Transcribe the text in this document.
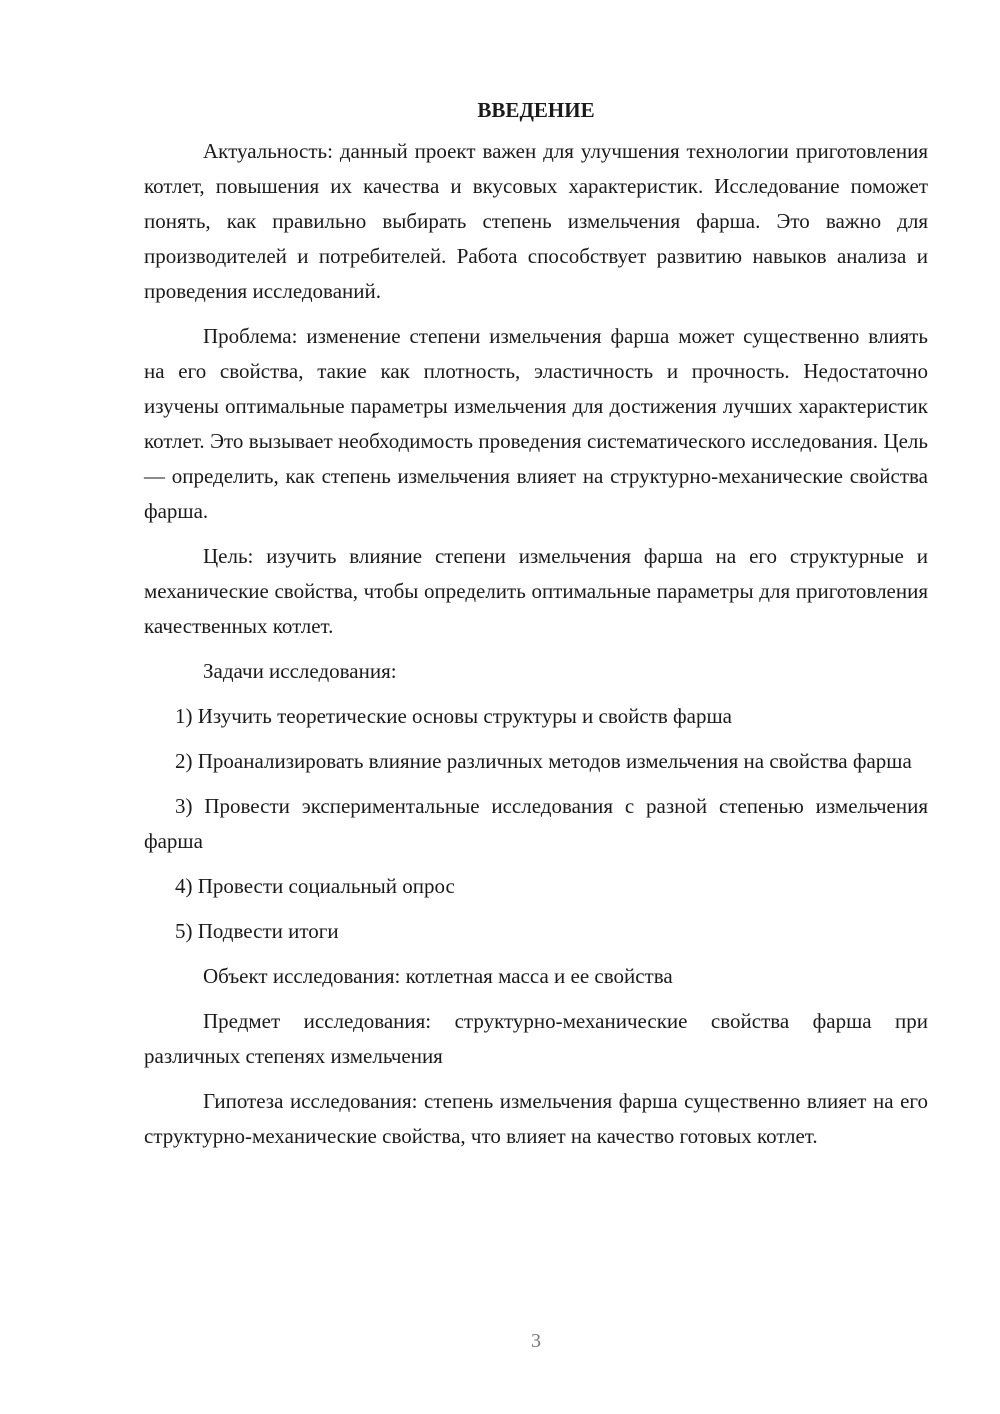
ВВЕДЕНИЕ

Актуальность: данный проект важен для улучшения технологии приготовления котлет, повышения их качества и вкусовых характеристик. Исследование поможет понять, как правильно выбирать степень измельчения фарша. Это важно для производителей и потребителей. Работа способствует развитию навыков анализа и проведения исследований.

Проблема: изменение степени измельчения фарша может существенно влиять на его свойства, такие как плотность, эластичность и прочность. Недостаточно изучены оптимальные параметры измельчения для достижения лучших характеристик котлет. Это вызывает необходимость проведения систематического исследования. Цель — определить, как степень измельчения влияет на структурно-механические свойства фарша.

Цель: изучить влияние степени измельчения фарша на его структурные и механические свойства, чтобы определить оптимальные параметры для приготовления качественных котлет.

Задачи исследования:

1) Изучить теоретические основы структуры и свойств фарша

2) Проанализировать влияние различных методов измельчения на свойства фарша

3) Провести экспериментальные исследования с разной степенью измельчения фарша

4) Провести социальный опрос

5) Подвести итоги

Объект исследования: котлетная масса и ее свойства

Предмет исследования: структурно-механические свойства фарша при различных степенях измельчения

Гипотеза исследования: степень измельчения фарша существенно влияет на его структурно-механические свойства, что влияет на качество готовых котлет.

3
